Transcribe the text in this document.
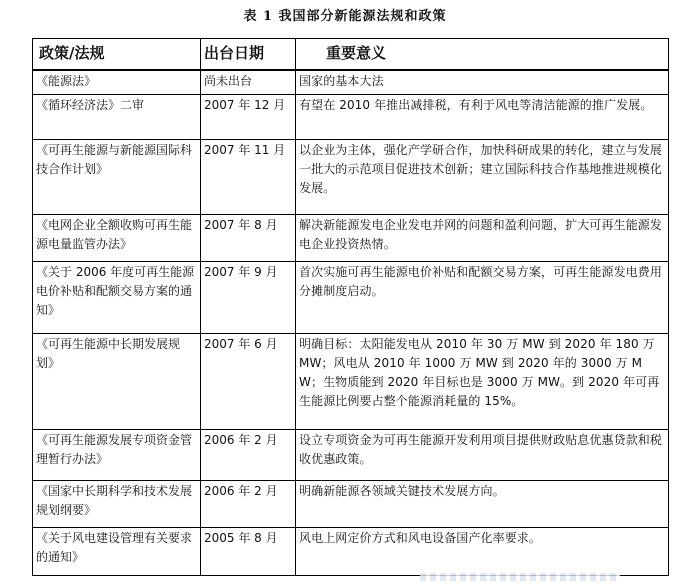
表 1 我国部分新能源法规和政策
政策/法规	出台日期	重要意义
《能源法》	尚未出台	国家的基本大法
《循环经济法》二审	2007 年 12 月	有望在 2010 年推出减排税，有利于风电等清洁能源的推广发展。
《可再生能源与新能源国际科技合作计划》	2007 年 11 月	以企业为主体，强化产学研合作，加快科研成果的转化，建立与发展一批大的示范项目促进技术创新；建立国际科技合作基地推进规模化发展。
《电网企业全额收购可再生能源电量监管办法》	2007 年 8 月	解决新能源发电企业发电并网的问题和盈利问题，扩大可再生能源发电企业投资热情。
《关于 2006 年度可再生能源电价补贴和配额交易方案的通知》	2007 年 9 月	首次实施可再生能源电价补贴和配额交易方案，可再生能源发电费用分摊制度启动。
《可再生能源中长期发展规划》	2007 年 6 月	明确目标：太阳能发电从 2010 年 30 万 MW 到 2020 年 180 万 MW；风电从 2010 年 1000 万 MW 到 2020 年的 3000 万 MW；生物质能到 2020 年目标也是 3000 万 MW。到 2020 年可再生能源比例要占整个能源消耗量的 15%。
《可再生能源发展专项资金管理暂行办法》	2006 年 2 月	设立专项资金为可再生能源开发利用项目提供财政贴息优惠贷款和税收优惠政策。
《国家中长期科学和技术发展规划纲要》	2006 年 2 月	明确新能源各领域关键技术发展方向。
《关于风电建设管理有关要求的通知》	2005 年 8 月	风电上网定价方式和风电设备国产化率要求。
